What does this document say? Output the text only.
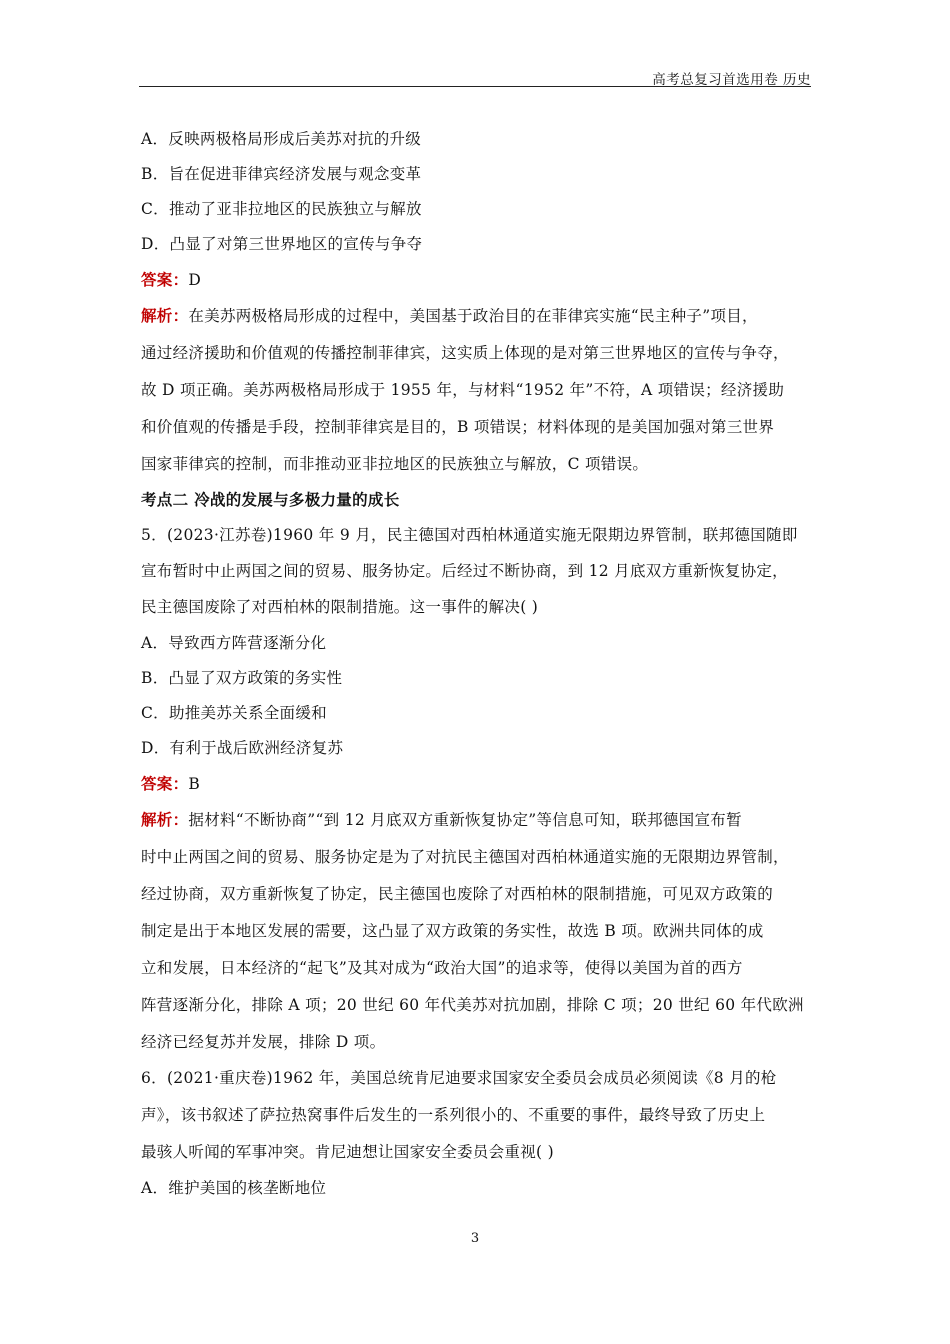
高考总复习首选用卷 历史
A．反映两极格局形成后美苏对抗的升级
B．旨在促进菲律宾经济发展与观念变革
C．推动了亚非拉地区的民族独立与解放
D．凸显了对第三世界地区的宣传与争夺
答案：D
解析：在美苏两极格局形成的过程中，美国基于政治目的在菲律宾实施“民主种子”项目，
通过经济援助和价值观的传播控制菲律宾，这实质上体现的是对第三世界地区的宣传与争夺，
故 D 项正确。美苏两极格局形成于 1955 年，与材料“1952 年”不符，A 项错误；经济援助
和价值观的传播是手段，控制菲律宾是目的，B 项错误；材料体现的是美国加强对第三世界
国家菲律宾的控制，而非推动亚非拉地区的民族独立与解放，C 项错误。
考点二 冷战的发展与多极力量的成长
5．(2023·江苏卷)1960 年 9 月，民主德国对西柏林通道实施无限期边界管制，联邦德国随即
宣布暂时中止两国之间的贸易、服务协定。后经过不断协商，到 12 月底双方重新恢复协定，
民主德国废除了对西柏林的限制措施。这一事件的解决( )
A．导致西方阵营逐渐分化
B．凸显了双方政策的务实性
C．助推美苏关系全面缓和
D．有利于战后欧洲经济复苏
答案：B
解析：据材料“不断协商”“到 12 月底双方重新恢复协定”等信息可知，联邦德国宣布暂
时中止两国之间的贸易、服务协定是为了对抗民主德国对西柏林通道实施的无限期边界管制，
经过协商，双方重新恢复了协定，民主德国也废除了对西柏林的限制措施，可见双方政策的
制定是出于本地区发展的需要，这凸显了双方政策的务实性，故选 B 项。欧洲共同体的成
立和发展，日本经济的“起飞”及其对成为“政治大国”的追求等，使得以美国为首的西方
阵营逐渐分化，排除 A 项；20 世纪 60 年代美苏对抗加剧，排除 C 项；20 世纪 60 年代欧洲
经济已经复苏并发展，排除 D 项。
6．(2021·重庆卷)1962 年，美国总统肯尼迪要求国家安全委员会成员必须阅读《8 月的枪
声》，该书叙述了萨拉热窝事件后发生的一系列很小的、不重要的事件，最终导致了历史上
最骇人听闻的军事冲突。肯尼迪想让国家安全委员会重视( )
A．维护美国的核垄断地位
3
